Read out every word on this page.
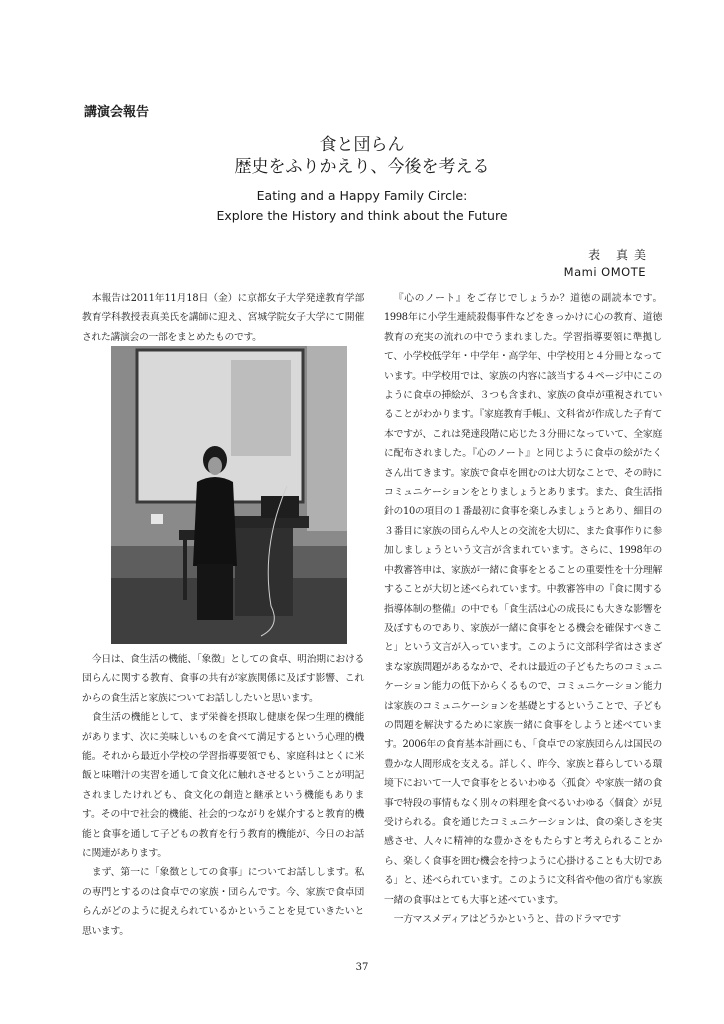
講演会報告

食と団らん

歴史をふりかえり、今後を考える

Eating and a Happy Family Circle:

Explore the History and think about the Future

表 真美
Mami OMOTE

本報告は2011年11月18日（金）に京都女子大学発達教育学部教育学科教授表真美氏を講師に迎え、宮城学院女子大学にて開催された講演会の一部をまとめたものです。

今日は、食生活の機能、「象徴」としての食卓、明治期における団らんに関する教育、食事の共有が家族関係に及ぼす影響、これからの食生活と家族についてお話ししたいと思います。

食生活の機能として、まず栄養を摂取し健康を保つ生理的機能があります、次に美味しいものを食べて満足するという心理的機能。それから最近小学校の学習指導要領でも、家庭科はとくに米飯と味噌汁の実習を通して食文化に触れさせるということが明記されましたけれども、食文化の創造と継承という機能もあります。その中で社会的機能、社会的つながりを媒介すると教育的機能と食事を通して子どもの教育を行う教育的機能が、今日のお話に関連があります。

まず、第一に「象徴としての食事」についてお話しします。私の専門とするのは食卓での家族・団らんです。今、家族で食卓団らんがどのように捉えられているかということを見ていきたいと思います。

『心のノート』をご存じでしょうか？道徳の副読本です。1998年に小学生連続殺傷事件などをきっかけに心の教育、道徳教育の充実の流れの中でうまれました。学習指導要領に準拠して、小学校低学年・中学年・高学年、中学校用と４分冊となっています。中学校用では、家族の内容に該当する４ページ中にこのように食卓の挿絵が、３つも含まれ、家族の食卓が重視されていることがわかります。『家庭教育手帳』、文科省が作成した子育て本ですが、これは発達段階に応じた３分冊になっていて、全家庭に配布されました。『心のノート』と同じように食卓の絵がたくさん出てきます。家族で食卓を囲むのは大切なことで、その時にコミュニケーションをとりましょうとあります。また、食生活指針の10の項目の１番最初に食事を楽しみましょうとあり、細目の３番目に家族の団らんや人との交流を大切に、また食事作りに参加しましょうという文言が含まれています。さらに、1998年の中教審答申は、家族が一緒に食事をとることの重要性を十分理解することが大切と述べられています。中教審答申の『食に関する指導体制の整備』の中でも「食生活は心の成長にも大きな影響を及ぼすものであり、家族が一緒に食事をとる機会を確保すべきこと」という文言が入っています。このように文部科学省はさまざまな家族問題があるなかで、それは最近の子どもたちのコミュニケーション能力の低下からくるもので、コミュニケーション能力は家族のコミュニケーションを基礎とするということで、子どもの問題を解決するために家族一緒に食事をしようと述べています。2006年の食育基本計画にも、「食卓での家族団らんは国民の豊かな人間形成を支える。詳しく、昨今、家族と暮らしている環境下において一人で食事をとるいわゆる〈孤食〉や家族一緒の食事で特段の事情もなく別々の料理を食べるいわゆる〈個食〉が見受けられる。食を通じたコミュニケーションは、食の楽しさを実感させ、人々に精神的な豊かさをもたらすと考えられることから、楽しく食事を囲む機会を持つように心掛けることも大切である」と、述べられています。このように文科省や他の省庁も家族一緒の食事はとても大事と述べています。

一方マスメディアはどうかというと、昔のドラマです

37
